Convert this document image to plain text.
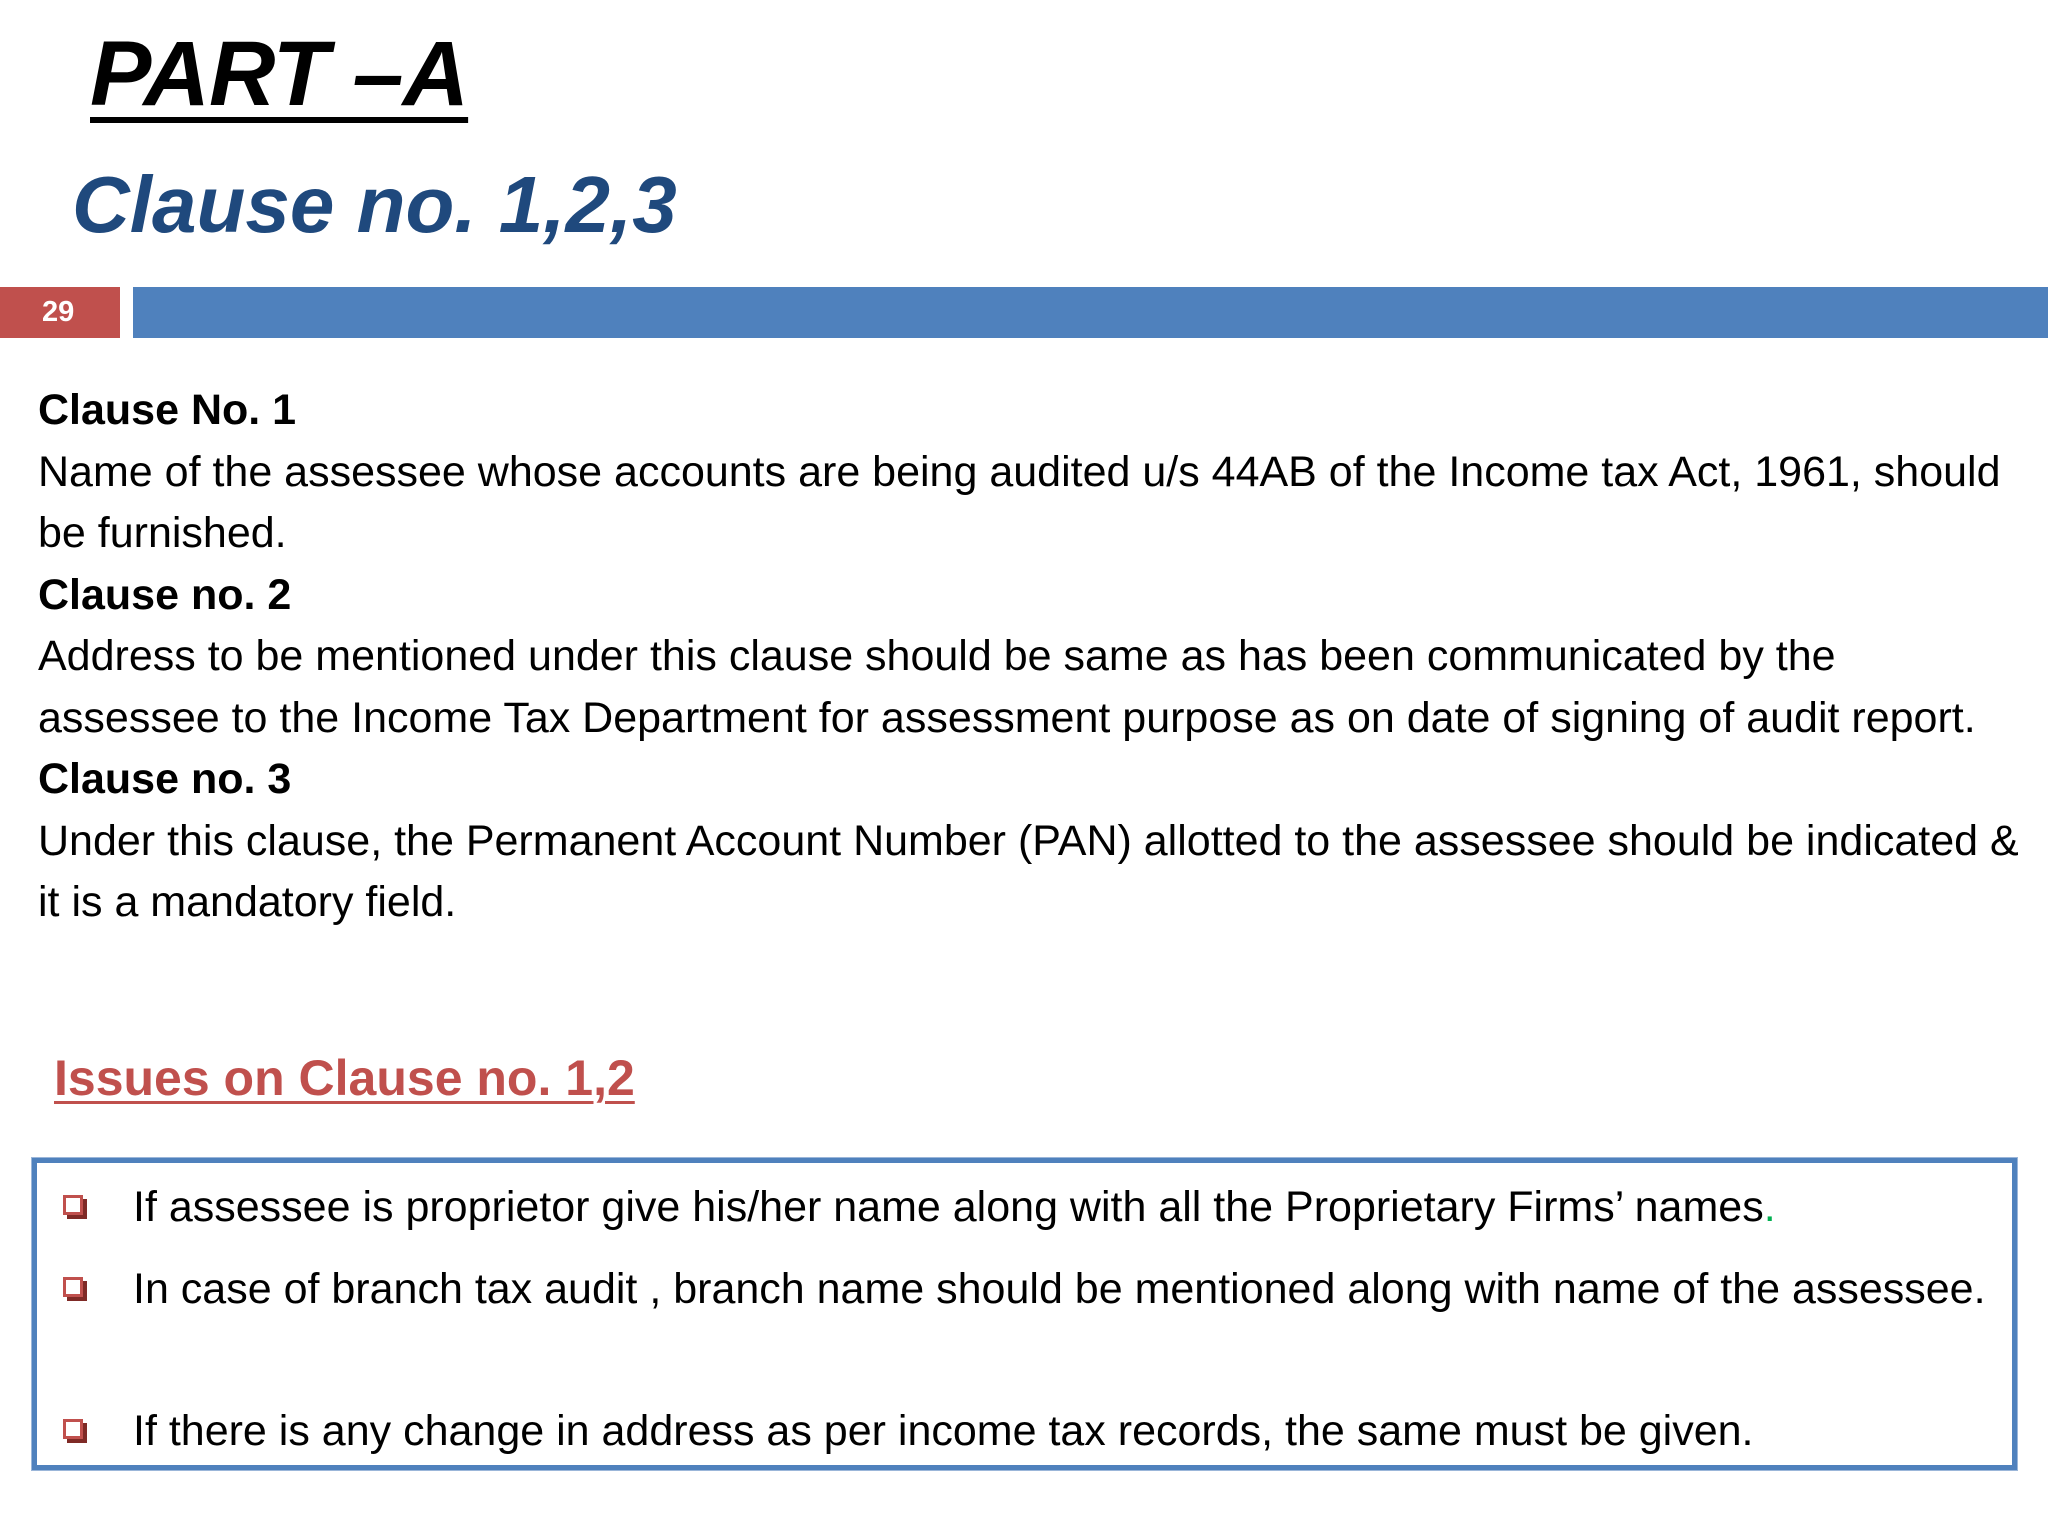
PART –A
Clause no. 1,2,3
29

Clause No. 1

Name of the assessee whose accounts are being audited u/s 44AB of the Income tax Act, 1961, should be furnished.

Clause no. 2

Address to be mentioned under this clause should be same as has been communicated by the assessee to the Income Tax Department for assessment purpose as on date of signing of audit report.

Clause no. 3

Under this clause, the Permanent Account Number (PAN) allotted to the assessee should be indicated & it is a mandatory field.

Issues on Clause no. 1,2
If assessee is proprietor give his/her name along with all the Proprietary Firms’ names.
In case of branch tax audit , branch name should be mentioned along with name of the assessee.
If there is any change in address as per income tax records, the same must be given.
